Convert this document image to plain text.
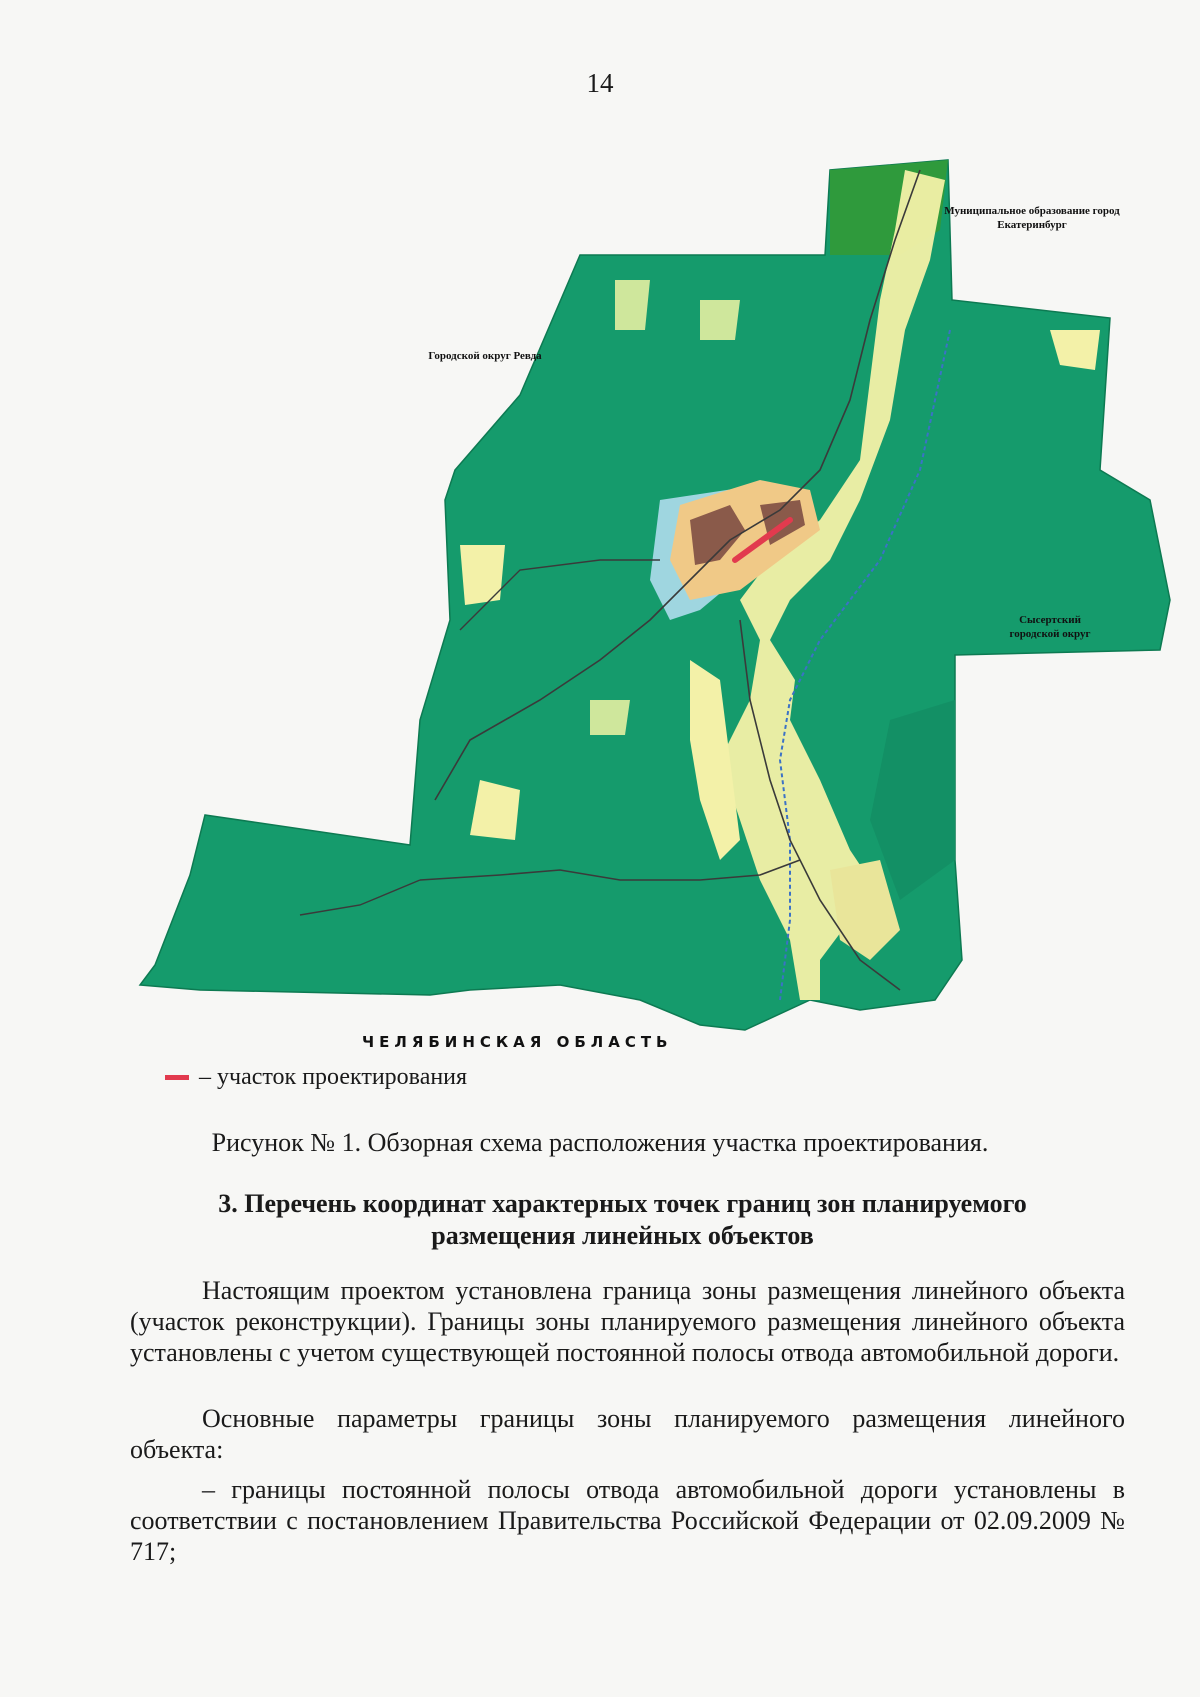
14
Муниципальное образование город Екатеринбург
Городской округ Ревда
Сысертский городской округ
ЧЕЛЯБИНСКАЯ ОБЛАСТЬ
– участок проектирования
Рисунок № 1. Обзорная схема расположения участка проектирования.
3. Перечень координат характерных точек границ зон планируемого размещения линейных объектов
Настоящим проектом установлена граница зоны размещения линейного объекта (участок реконструкции). Границы зоны планируемого размещения линейного объекта установлены с учетом существующей постоянной полосы отвода автомобильной дороги.
Основные параметры границы зоны планируемого размещения линейного объекта:
– границы постоянной полосы отвода автомобильной дороги установлены в соответствии с постановлением Правительства Российской Федерации от 02.09.2009 № 717;
